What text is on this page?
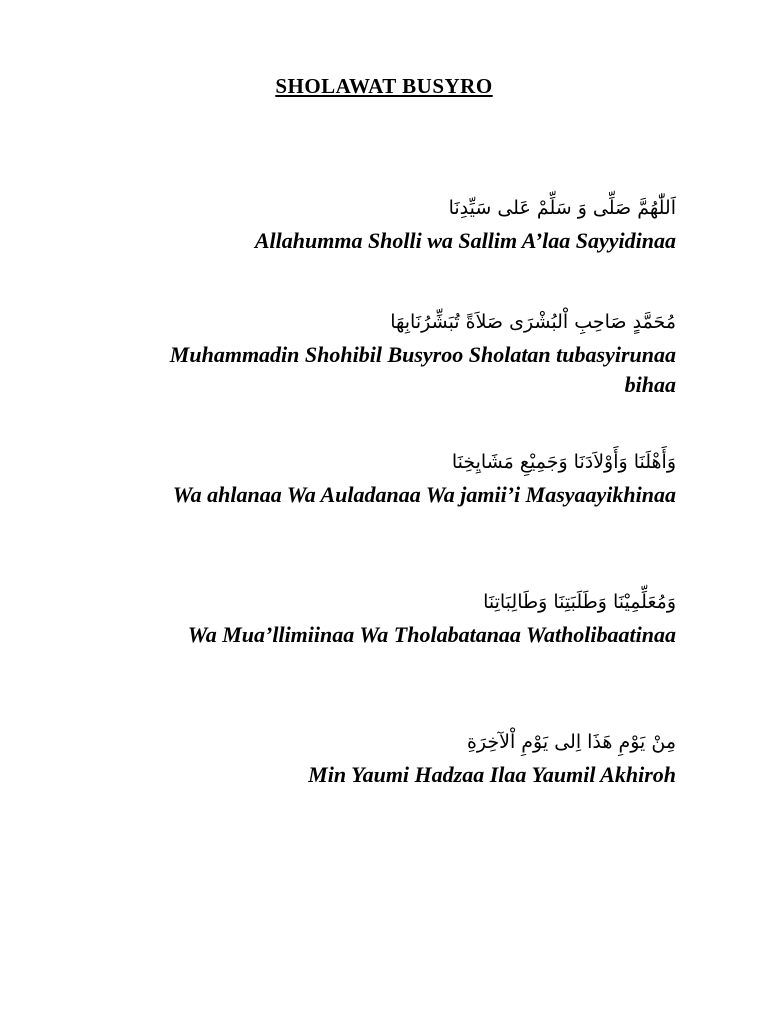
SHOLAWAT BUSYRO
اَللّٰهُمَّ صَلِّى وَ سَلِّمْ عَلى سَيِّدِنَا
Allahumma Sholli wa Sallim A’laa Sayyidinaa
مُحَمَّدٍ صَاحِبِ اْلبُشْرَى صَلاَةً تُبَشِّرُنَابِهَا
Muhammadin Shohibil Busyroo Sholatan tubasyirunaa bihaa
وَأَهْلَنَا وَأَوْلاَدَنَا وَجَمِيْعِ مَشَايِخِنَا
Wa ahlanaa Wa Auladanaa Wa jamii’i Masyaayikhinaa
وَمُعَلِّمِيْنَا وَطَلَبَتِنَا وَطَالِبَاتِنَا
Wa Mua’llimiinaa Wa Tholabatanaa Watholibaatinaa
مِنْ يَوْمِ هَذَا اِلى يَوْمِ اْلآخِرَةِ
Min Yaumi Hadzaa Ilaa Yaumil Akhiroh
